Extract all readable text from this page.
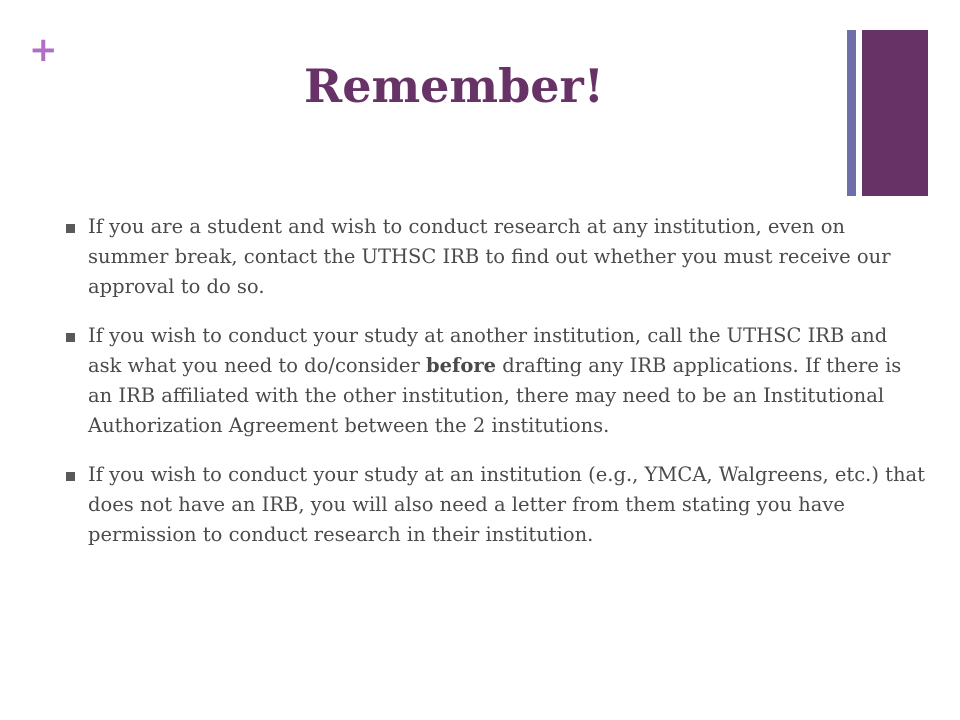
+
Remember!
If you are a student and wish to conduct research at any institution, even on summer break, contact the UTHSC IRB to find out whether you must receive our approval to do so.
If you wish to conduct your study at another institution, call the UTHSC IRB and ask what you need to do/consider before drafting any IRB applications. If there is an IRB affiliated with the other institution, there may need to be an Institutional Authorization Agreement between the 2 institutions.
If you wish to conduct your study at an institution (e.g., YMCA, Walgreens, etc.) that does not have an IRB, you will also need a letter from them stating you have permission to conduct research in their institution.
